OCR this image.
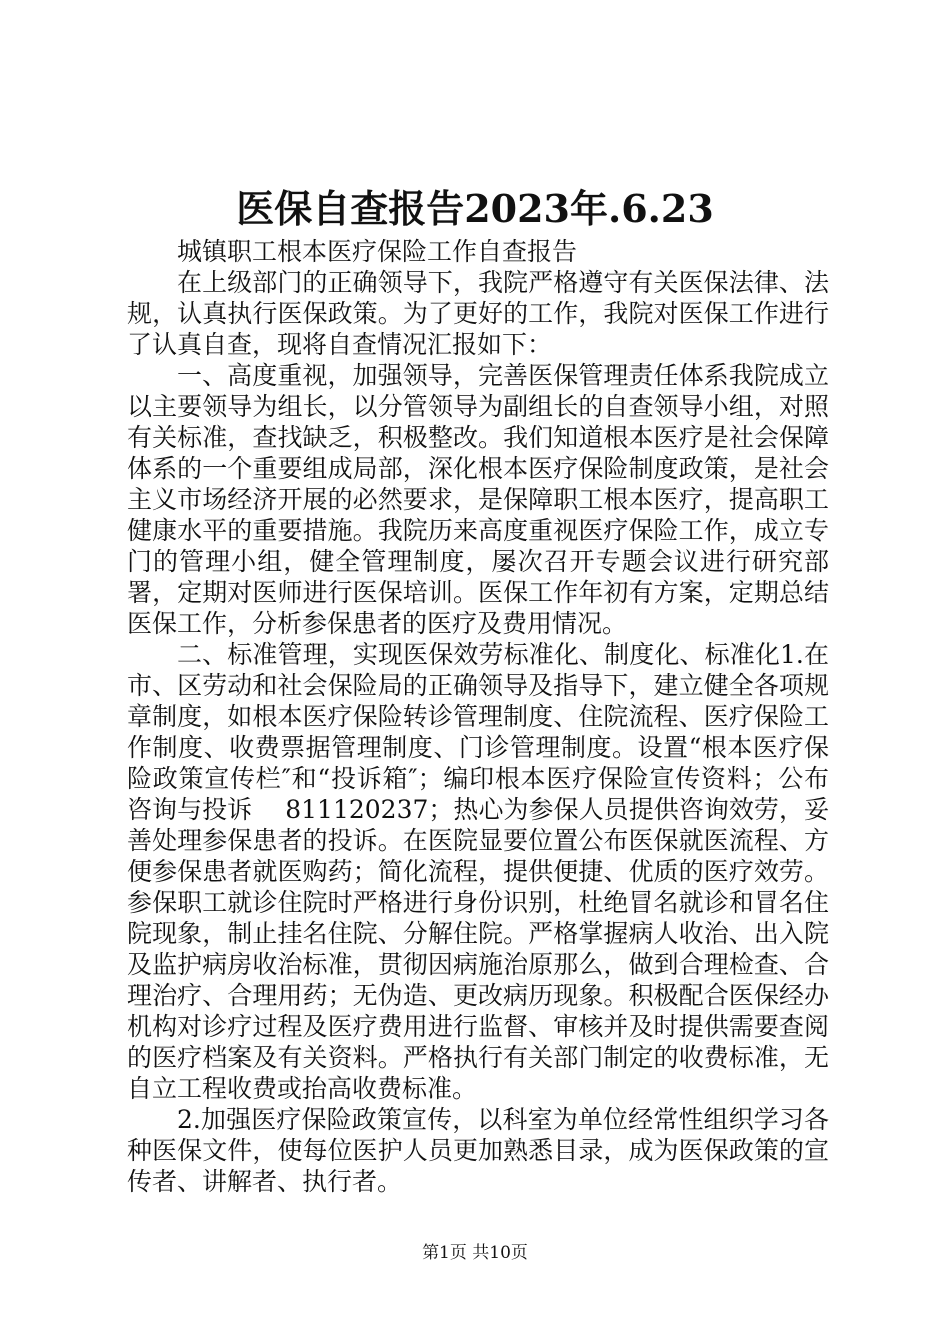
医保自查报告2023年.6.23

城镇职工根本医疗保险工作自查报告

在上级部门的正确领导下，我院严格遵守有关医保法律、法规，认真执行医保政策。为了更好的工作，我院对医保工作进行了认真自查，现将自查情况汇报如下：

一、高度重视，加强领导，完善医保管理责任体系我院成立以主要领导为组长，以分管领导为副组长的自查领导小组，对照有关标准，查找缺乏，积极整改。我们知道根本医疗是社会保障体系的一个重要组成局部，深化根本医疗保险制度政策，是社会主义市场经济开展的必然要求，是保障职工根本医疗，提高职工健康水平的重要措施。我院历来高度重视医疗保险工作，成立专门的管理小组，健全管理制度，屡次召开专题会议进行研究部署，定期对医师进行医保培训。医保工作年初有方案，定期总结医保工作，分析参保患者的医疗及费用情况。

二、标准管理，实现医保效劳标准化、制度化、标准化1.在市、区劳动和社会保险局的正确领导及指导下，建立健全各项规章制度，如根本医疗保险转诊管理制度、住院流程、医疗保险工作制度、收费票据管理制度、门诊管理制度。设置“根本医疗保险政策宣传栏″和“投诉箱″；编印根本医疗保险宣传资料；公布咨询与投诉　 811120237；热心为参保人员提供咨询效劳，妥善处理参保患者的投诉。在医院显要位置公布医保就医流程、方便参保患者就医购药；简化流程，提供便捷、优质的医疗效劳。参保职工就诊住院时严格进行身份识别，杜绝冒名就诊和冒名住院现象，制止挂名住院、分解住院。严格掌握病人收治、出入院及监护病房收治标准，贯彻因病施治原那么，做到合理检查、合理治疗、合理用药；无伪造、更改病历现象。积极配合医保经办机构对诊疗过程及医疗费用进行监督、审核并及时提供需要查阅的医疗档案及有关资料。严格执行有关部门制定的收费标准，无自立工程收费或抬高收费标准。

2.加强医疗保险政策宣传，以科室为单位经常性组织学习各种医保文件，使每位医护人员更加熟悉目录，成为医保政策的宣传者、讲解者、执行者。

第1页 共10页
